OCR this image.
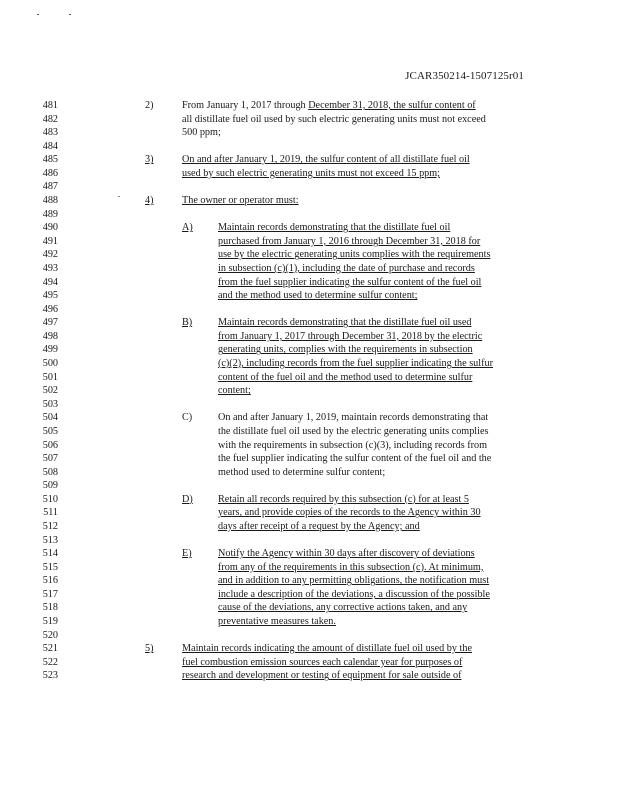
JCAR350214-1507125r01
481
482
483
484
485
486
487
488
489
490
491
492
493
494
495
496
497
498
499
500
501
502
503
504
505
506
507
508
509
510
511
512
513
514
515
516
517
518
519
520
521
522
523
2)	From January 1, 2017 through December 31, 2018, the sulfur content of
all distillate fuel oil used by such electric generating units must not exceed
500 ppm;
3)	On and after January 1, 2019, the sulfur content of all distillate fuel oil
used by such electric generating units must not exceed 15 ppm;
4)	The owner or operator must:
A) Maintain records demonstrating that the distillate fuel oil
purchased from January 1, 2016 through December 31, 2018 for
use by the electric generating units complies with the requirements
in subsection (c)(1), including the date of purchase and records
from the fuel supplier indicating the sulfur content of the fuel oil
and the method used to determine sulfur content;
B)	Maintain records demonstrating that the distillate fuel oil used
from January 1, 2017 through December 31, 2018 by the electric
generating units, complies with the requirements in subsection
(c)(2), including records from the fuel supplier indicating the sulfur
content of the fuel oil and the method used to determine sulfur
content;
C)	On and after January 1, 2019, maintain records demonstrating that
the distillate fuel oil used by the electric generating units complies
with the requirements in subsection (c)(3), including records from
the fuel supplier indicating the sulfur content of the fuel oil and the
method used to determine sulfur content;
D) Retain all records required by this subsection (c) for at least 5
years, and provide copies of the records to the Agency within 30
days after receipt of a request by the Agency; and
E)	Notify the Agency within 30 days after discovery of deviations
from any of the requirements in this subsection (c). At minimum,
and in addition to any permitting obligations, the notification must
include a description of the deviations, a discussion of the possible
cause of the deviations, any corrective actions taken, and any
preventative measures taken.
5)	Maintain records indicating the amount of distillate fuel oil used by the
fuel combustion emission sources each calendar year for purposes of
research and development or testing of equipment for sale outside of
